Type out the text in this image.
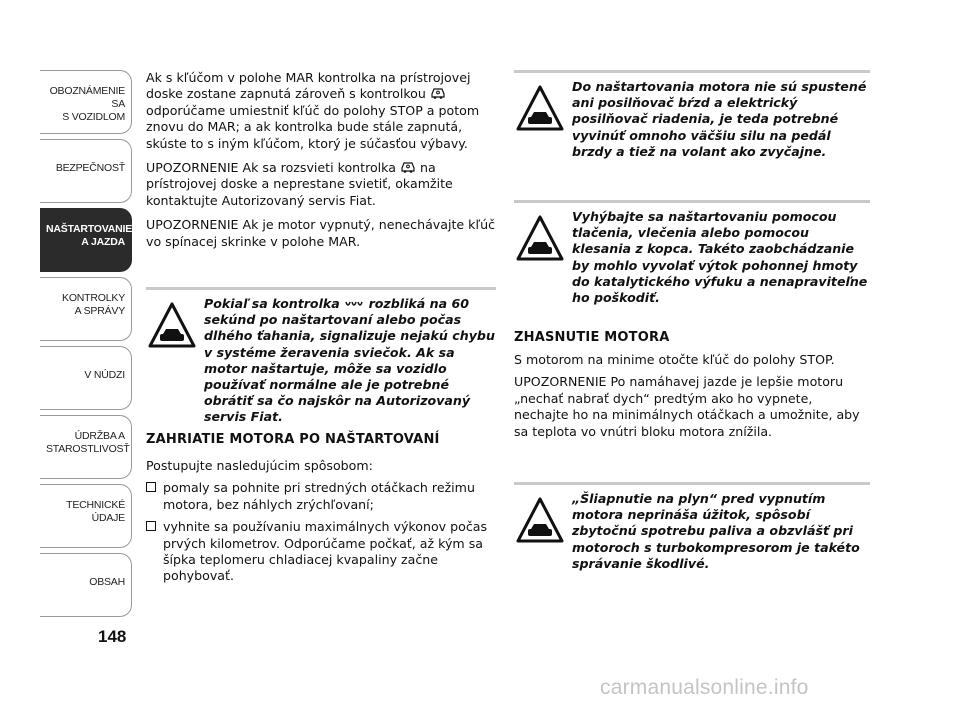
OBOZNÁMENIE SA
S VOZIDLOM
BEZPEČNOSŤ
NAŠTARTOVANIE
A JAZDA
KONTROLKY
A SPRÁVY
V NÚDZI
ÚDRŽBA A
STAROSTLIVOSŤ
TECHNICKÉ
ÚDAJE
OBSAH
148

Ak s kľúčom v polohe MAR kontrolka na prístrojovej doske zostane zapnutá zároveň s kontrolkou  odporúčame umiestniť kľúč do polohy STOP a potom znovu do MAR; a ak kontrolka bude stále zapnutá, skúste to s iným kľúčom, ktorý je súčasťou výbavy.

UPOZORNENIE Ak sa rozsvieti kontrolka na prístrojovej doske a neprestane svietiť, okamžite kontaktujte Autorizovaný servis Fiat.

UPOZORNENIE Ak je motor vypnutý, nenechávajte kľúč vo spínacej skrinke v polohe MAR.

Pokiaľ sa kontrolka rozbliká na 60 sekúnd po naštartovaní alebo počas dlhého ťahania, signalizuje nejakú chybu v systéme žeravenia sviečok. Ak sa motor naštartuje, môže sa vozidlo používať normálne ale je potrebné obrátiť sa čo najskôr na Autorizovaný servis Fiat.
ZAHRIATIE MOTORA PO NAŠTARTOVANÍ

Postupujte nasledujúcim spôsobom:

pomaly sa pohnite pri stredných otáčkach režimu motora, bez náhlych zrýchľovaní;
vyhnite sa používaniu maximálnych výkonov počas prvých kilometrov. Odporúčame počkať, až kým sa šípka teplomeru chladiacej kvapaliny začne pohybovať.
Do naštartovania motora nie sú spustené ani posilňovač bŕzd a elektrický posilňovač riadenia, je teda potrebné vyvinúť omnoho väčšiu silu na pedál brzdy a tiež na volant ako zvyčajne.
Vyhýbajte sa naštartovaniu pomocou tlačenia, vlečenia alebo pomocou klesania z kopca. Takéto zaobchádzanie by mohlo vyvolať výtok pohonnej hmoty do katalytického výfuku a nenapraviteľne ho poškodiť.
ZHASNUTIE MOTORA

S motorom na minime otočte kľúč do polohy STOP.

UPOZORNENIE Po namáhavej jazde je lepšie motoru „nechať nabrať dych“ predtým ako ho vypnete, nechajte ho na minimálnych otáčkach a umožnite, aby sa teplota vo vnútri bloku motora znížila.

„Šliapnutie na plyn“ pred vypnutím motora neprináša úžitok, spôsobí zbytočnú spotrebu paliva a obzvlášť pri motoroch s turbokompresorom je takéto správanie škodlivé.
carmanualsonline.info
